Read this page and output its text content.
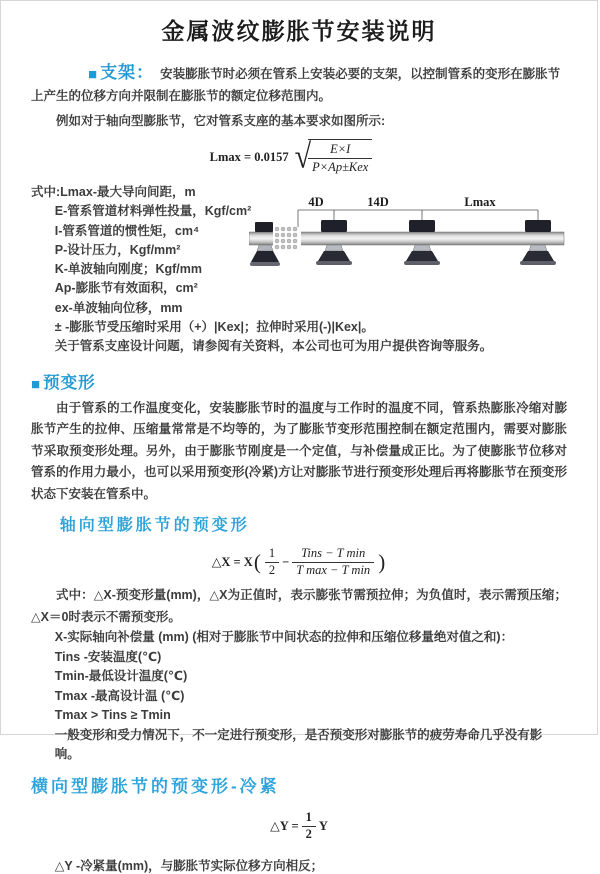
金属波纹膨胀节安装说明

■ 支架： 安装膨胀节时必须在管系上安装必要的支架，以控制管系的变形在膨胀节上产生的位移方向并限制在膨胀节的额定位移范围内。

例如对于轴向型膨胀节，它对管系支座的基本要求如图所示:

Lmax = 0.0157 √
$\frac{E\times I}{\text{P×Ap±Kex}}$
式中:Lmax-最大导向间距，m
E-管系管道材料弹性投量，Kgf/cm²
I-管系管道的惯性矩，cm⁴
P-设计压力，Kgf/mm²
K-单波轴向刚度；Kgf/mm
Ap-膨胀节有效面积，cm²
ex-单波轴向位移，mm
± -膨胀节受压缩时采用（+）|Kex|；拉伸时采用(-)|Kex|。
关于管系支座设计问题，请参阅有关资料，本公司也可为用户提供咨询等服务。

■ 预变形

由于管系的工作温度变化，安装膨胀节时的温度与工作时的温度不同，管系热膨胀冷缩对膨胀节产生的拉伸、压缩量常常是不均等的，为了膨胀节变形范围控制在额定范围内，需要对膨胀节采取预变形处理。另外，由于膨胀节刚度是一个定值，与补偿量成正比。为了使膨胀节位移对管系的作用力最小，也可以采用预变形(冷紧)方让对膨胀节进行预变形处理后再将膨胀节在预变形状态下安装在管系中。

轴向型膨胀节的预变形
△X = X ( $\frac{1}{2} - \frac{\text{Tins − T min}}{\text{T max − T min}}$ )

式中：△X-预变形量(mm)，△X为正值时，表示膨张节需预拉伸；为负值时，表示需预压缩；△X＝0时表示不需预变形。

X-实际轴向补偿量 (mm) (相对于膨胀节中间状态的拉伸和压缩位移量绝对值之和)：
Tins -安装温度(℃)
Tmin-最低设计温度(℃)
Tmax -最高设计温 (℃)
Tmax > Tins ≥ Tmin
一般变形和受力情况下，不一定进行预变形，是否预变形对膨胀节的疲劳寿命几乎没有影响。
横向型膨胀节的预变形-冷紧
△Y = $\frac{1}{2}$ Y

△Y -冷紧量(mm)，与膨胀节实际位移方向相反；

4D	14D	Lmax
